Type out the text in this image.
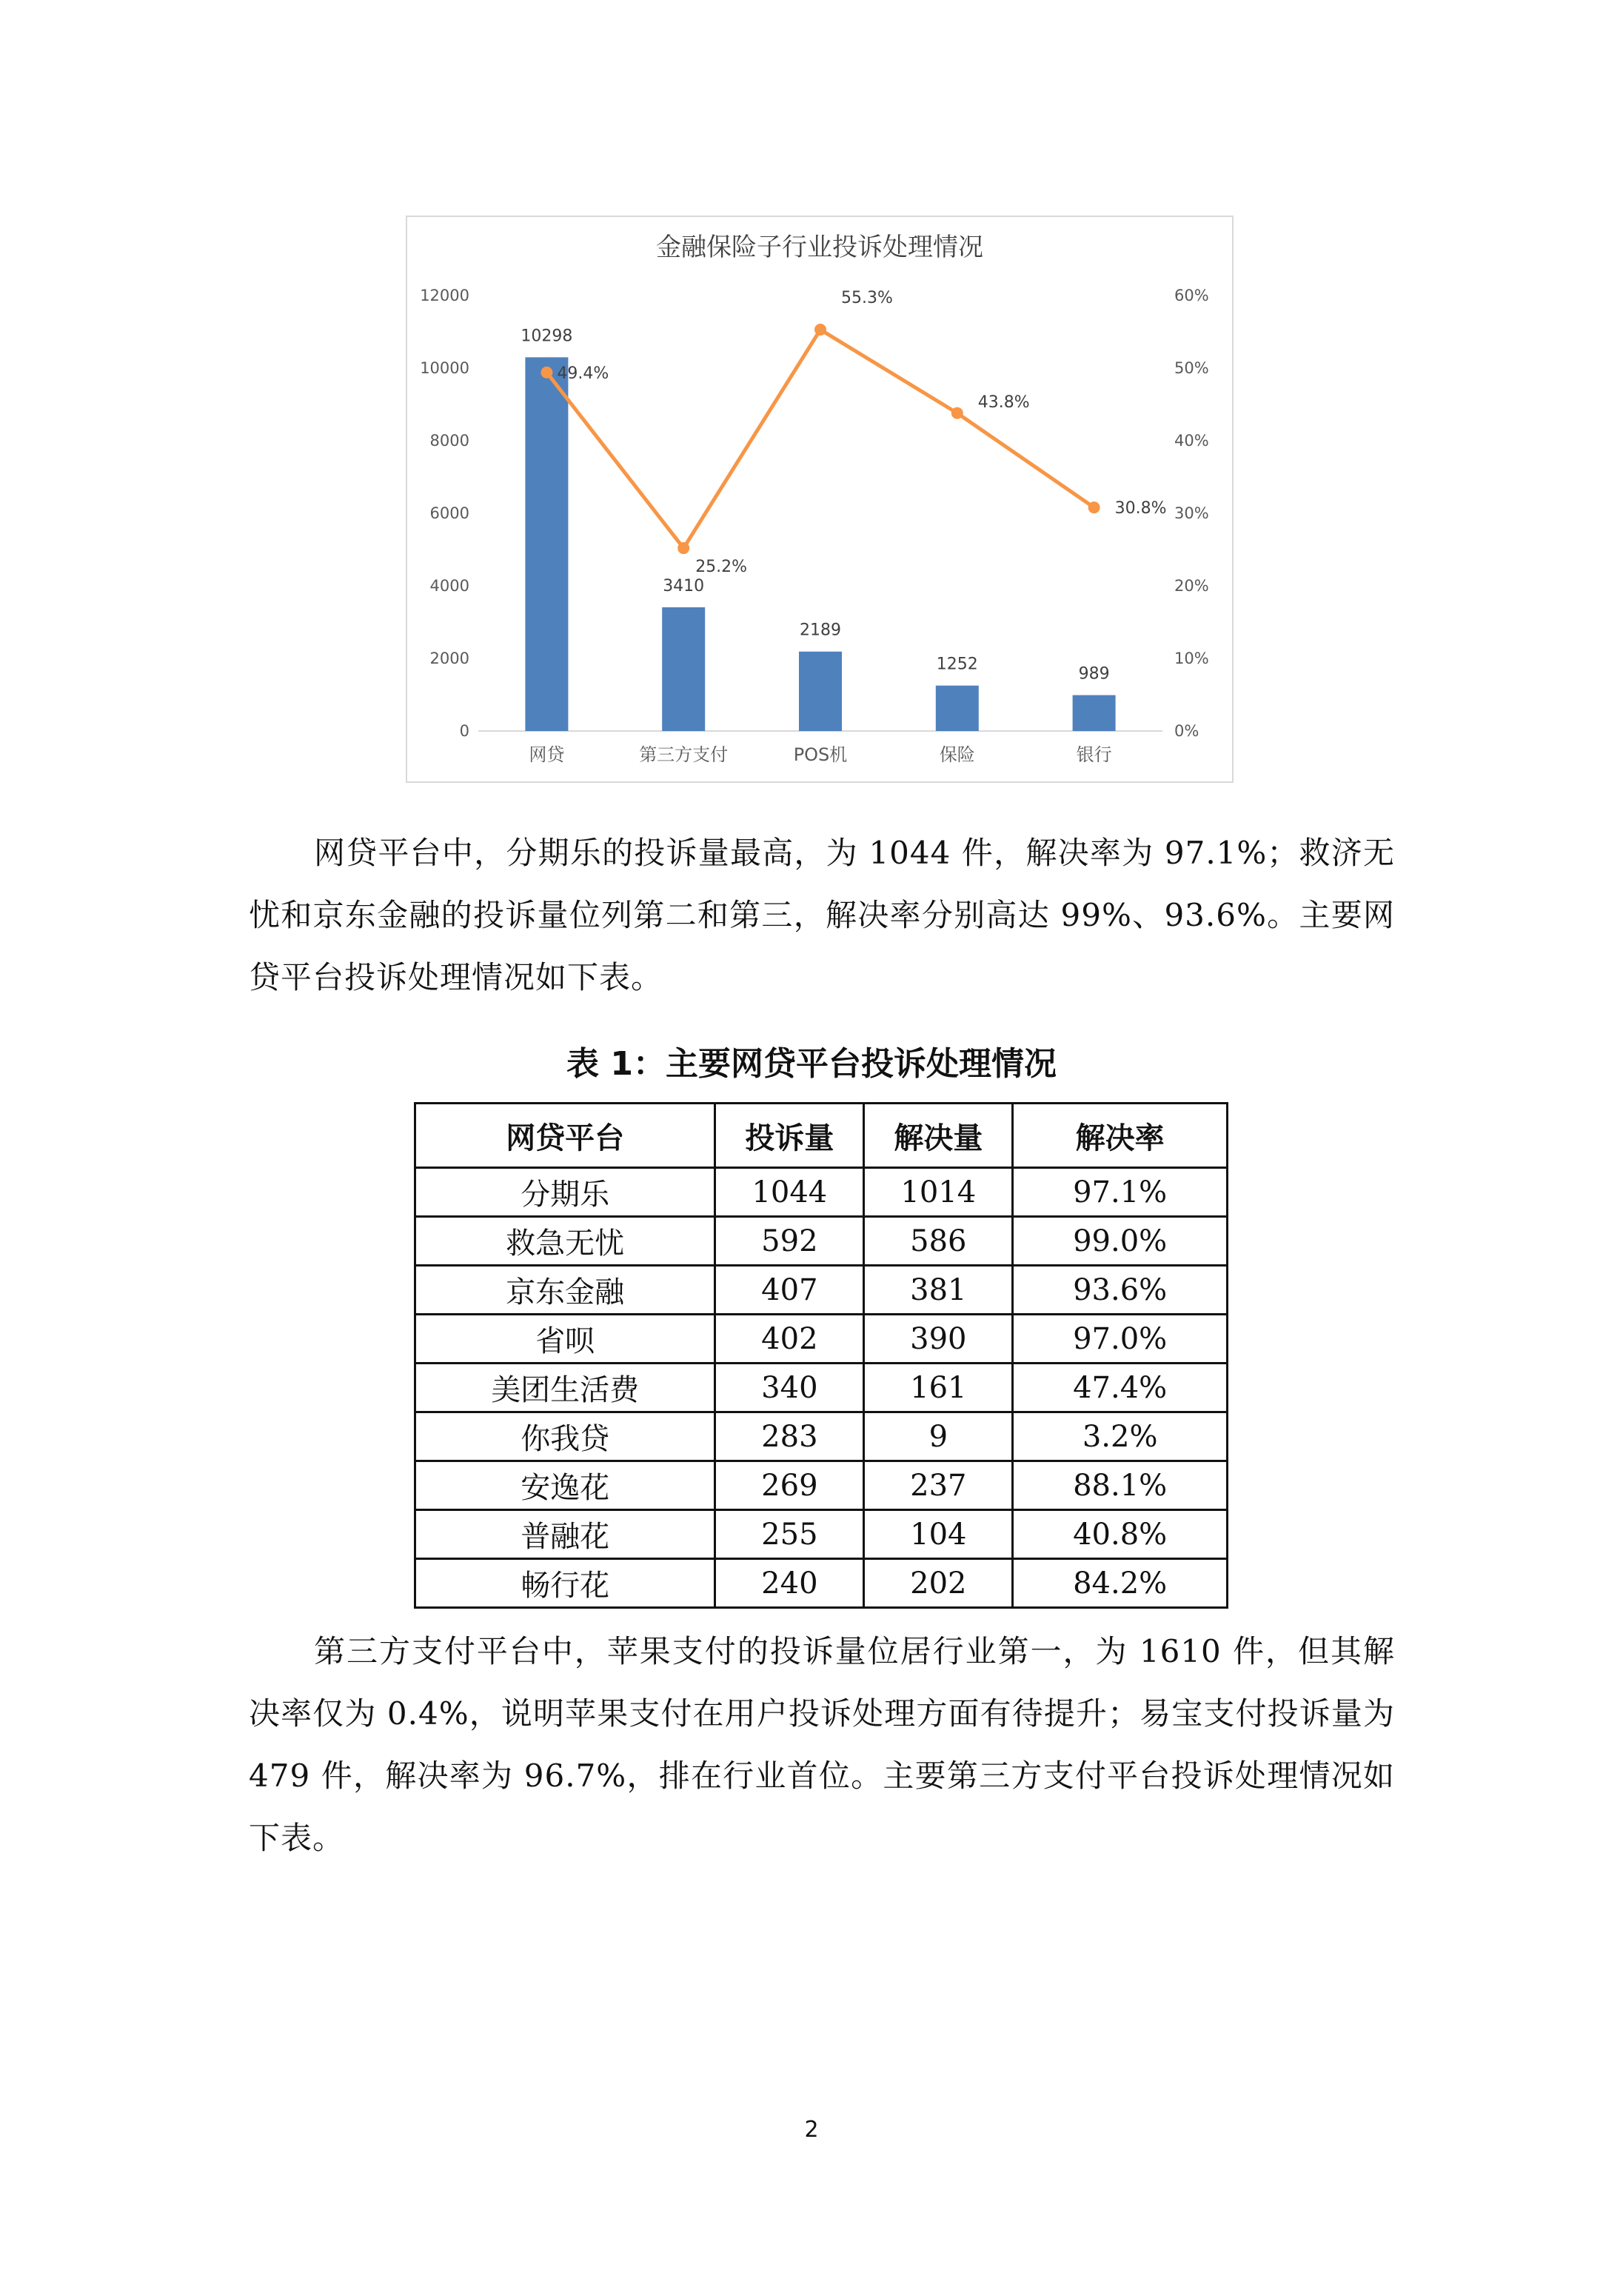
金融保险子行业投诉处理情况
0
2000
4000
6000
8000
10000
12000
0%
10%
20%
30%
40%
50%
60%
10298
3410
2189
1252
989
49.4%
25.2%
55.3%
43.8%
30.8%
网贷	第三方支付	POS机	保险	银行

网贷平台中，分期乐的投诉量最高，为 1044 件，解决率为 97.1%；救济无忧和京东金融的投诉量位列第二和第三，解决率分别高达 99%、93.6%。主要网贷平台投诉处理情况如下表。

表 1：主要网贷平台投诉处理情况
网贷平台	投诉量	解决量	解决率
分期乐	1044	1014	97.1%
救急无忧	592	586	99.0%
京东金融	407	381	93.6%
省呗	402	390	97.0%
美团生活费	340	161	47.4%
你我贷	283	9	3.2%
安逸花	269	237	88.1%
普融花	255	104	40.8%
畅行花	240	202	84.2%

第三方支付平台中，苹果支付的投诉量位居行业第一，为 1610 件，但其解决率仅为 0.4%，说明苹果支付在用户投诉处理方面有待提升；易宝支付投诉量为 479 件，解决率为 96.7%，排在行业首位。主要第三方支付平台投诉处理情况如下表。

2
